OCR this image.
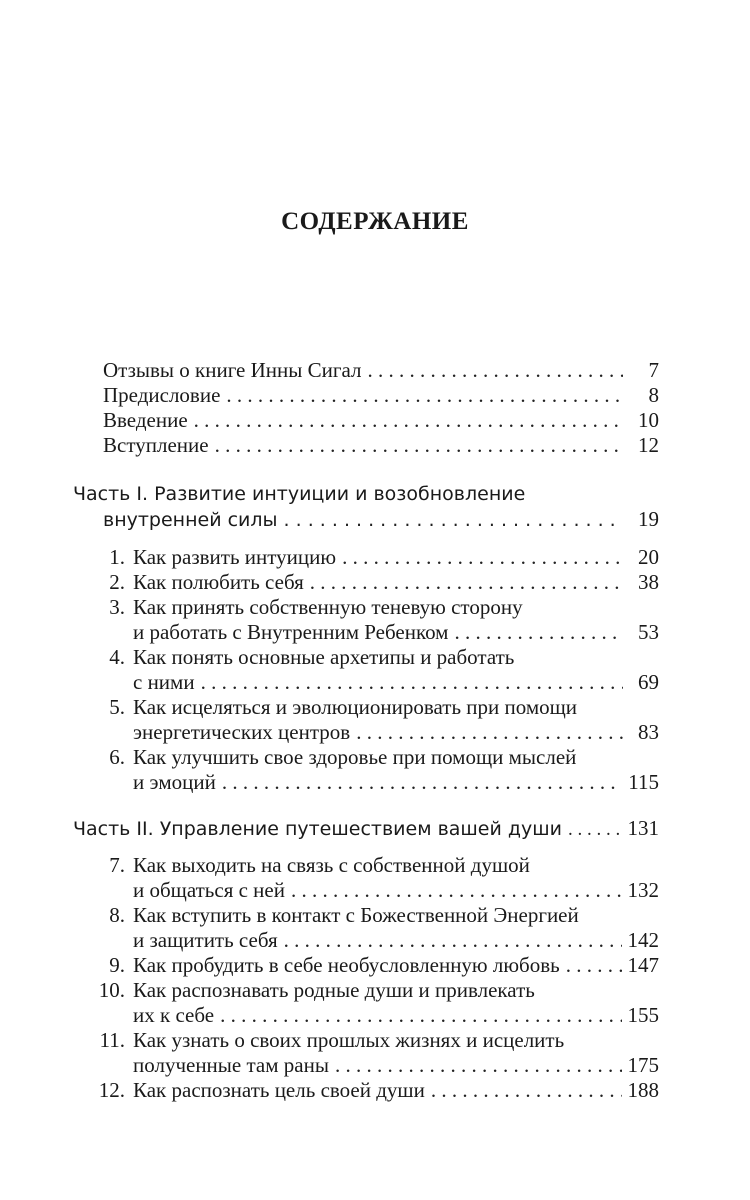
СОДЕРЖАНИЕ
Отзывы о книге Инны Сигал . . .	7
Предисловие . . .	8
Введение . . .	10
Вступление . . .	12
Часть I. Развитие интуиции и возобновление
внутренней силы . . .	19
1. Как развить интуицию . . .	20
2. Как полюбить себя . . .	38
3. Как принять собственную теневую сторону
и работать с Внутренним Ребенком . . .	53
4. Как понять основные архетипы и работать
с ними . . .	69
5. Как исцеляться и эволюционировать при помощи
энергетических центров . . .	83
6. Как улучшить свое здоровье при помощи мыслей
и эмоций . . .	115
Часть II. Управление путешествием вашей души . . .	131
7. Как выходить на связь с собственной душой
и общаться с ней . . .	132
8. Как вступить в контакт с Божественной Энергией
и защитить себя . . .	142
9. Как пробудить в себе необусловленную любовь . . .	147
10. Как распознавать родные души и привлекать
их к себе . . .	155
11. Как узнать о своих прошлых жизнях и исцелить
полученные там раны . . .	175
12. Как распознать цель своей души . . .	188
